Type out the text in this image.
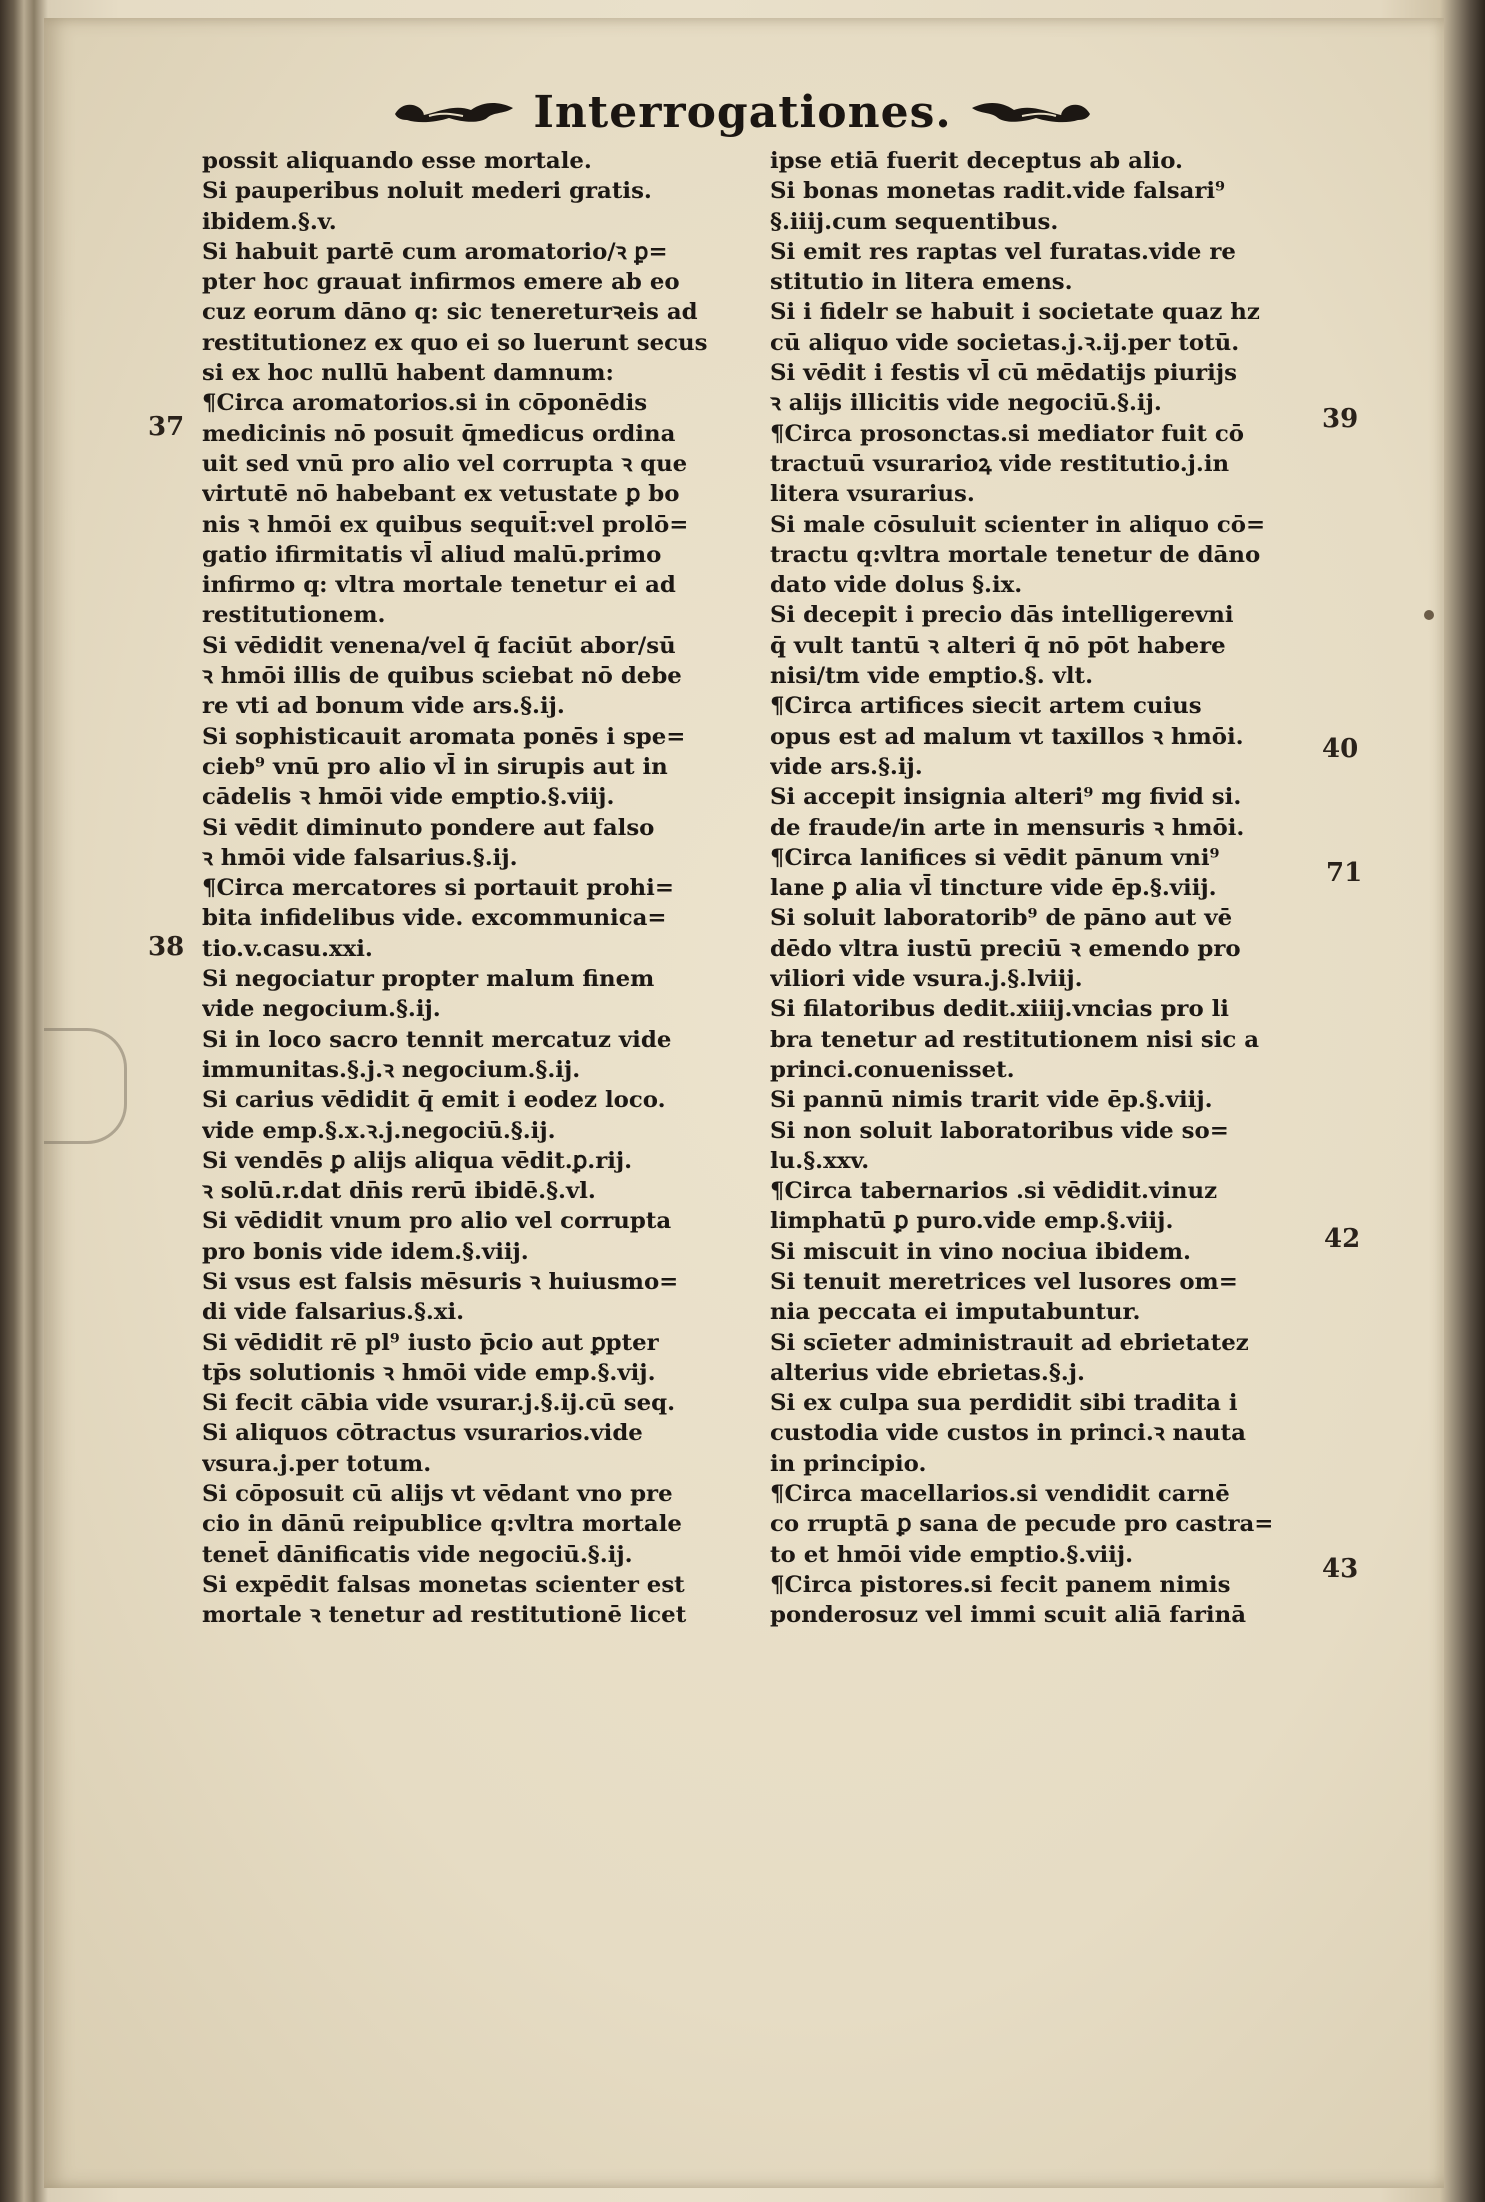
Interrogationes.
possit aliquando esse mortale.
Si pauperibus noluit mederi gratis.
ibidem.§.v.
Si habuit partē cum aromatorio/ꝛ ꝑ=
pter hoc grauat infirmos emere ab eo
cuz eorum dāno q: sic tenereturꝛeis ad
restitutionez ex quo ei so luerunt secus
si ex hoc nullū habent damnum:
¶Circa aromatorios.si in cōponēdis
medicinis nō posuit q̄medicus ordina
uit sed vnū pro alio vel corrupta ꝛ que
virtutē nō habebant ex vetustate ꝑ bo
nis ꝛ hmōi ex quibus sequit̄:vel prolō=
gatio ifirmitatis vl̄ aliud malū.primo
infirmo q: vltra mortale tenetur ei ad
restitutionem.
Si vēdidit venena/vel q̄ faciūt abor/sū
ꝛ hmōi illis de quibus sciebat nō debe
re vti ad bonum vide ars.§.ij.
Si sophisticauit aromata ponēs i spe=
cieb⁹ vnū pro alio vl̄ in sirupis aut in
cādelis ꝛ hmōi vide emptio.§.viij.
Si vēdit diminuto pondere aut falso
ꝛ hmōi vide falsarius.§.ij.
¶Circa mercatores si portauit prohi=
bita infidelibus vide. excommunica=
tio.v.casu.xxi.
Si negociatur propter malum finem
vide negocium.§.ij.
Si in loco sacro tennit mercatuz vide
immunitas.§.j.ꝛ negocium.§.ij.
Si carius vēdidit q̄ emit i eodez loco.
vide emp.§.x.ꝛ.j.negociū.§.ij.
Si vendēs ꝑ alijs aliqua vēdit.ꝑ.rij.
ꝛ solū.r.dat dn̄is rerū ibidē.§.vl.
Si vēdidit vnum pro alio vel corrupta
pro bonis vide idem.§.viij.
Si vsus est falsis mēsuris ꝛ huiusmo=
di vide falsarius.§.xi.
Si vēdidit rē pl⁹ iusto p̄cio aut ꝑpter
tp̄s solutionis ꝛ hmōi vide emp.§.vij.
Si fecit cābia vide vsurar.j.§.ij.cū seq.
Si aliquos cōtractus vsurarios.vide
vsura.j.per totum.
Si cōposuit cū alijs vt vēdant vno pre
cio in dānū reipublice q:vltra mortale
tenet̄ dānificatis vide negociū.§.ij.
Si expēdit falsas monetas scienter est
mortale ꝛ tenetur ad restitutionē licet
ipse etiā fuerit deceptus ab alio.
Si bonas monetas radit.vide falsari⁹
§.iiij.cum sequentibus.
Si emit res raptas vel furatas.vide re
stitutio in litera emens.
Si i fidelr se habuit i societate quaz hz
cū aliquo vide societas.j.ꝛ.ij.per totū.
Si vēdit i festis vl̄ cū mēdatijs piurijs
ꝛ alijs illicitis vide negociū.§.ij.
¶Circa prosonctas.si mediator fuit cō
tractuū vsurarioꝝ vide restitutio.j.in
litera vsurarius.
Si male cōsuluit scienter in aliquo cō=
tractu q:vltra mortale tenetur de dāno
dato vide dolus §.ix.
Si decepit i precio dās intelligerevni
q̄ vult tantū ꝛ alteri q̄ nō pōt habere
nisi/tm vide emptio.§. vlt.
¶Circa artifices siecit artem cuius
opus est ad malum vt taxillos ꝛ hmōi.
vide ars.§.ij.
Si accepit insignia alteri⁹ mg fivid si.
de fraude/in arte in mensuris ꝛ hmōi.
¶Circa lanifices si vēdit pānum vni⁹
lane ꝑ alia vl̄ tincture vide ēp.§.viij.
Si soluit laboratorib⁹ de pāno aut vē
dēdo vltra iustū preciū ꝛ emendo pro
viliori vide vsura.j.§.lviij.
Si filatoribus dedit.xiiij.vncias pro li
bra tenetur ad restitutionem nisi sic a
princi.conuenisset.
Si pannū nimis trarit vide ēp.§.viij.
Si non soluit laboratoribus vide so=
lu.§.xxv.
¶Circa tabernarios .si vēdidit.vinuz
limphatū ꝑ puro.vide emp.§.viij.
Si miscuit in vino nociua ibidem.
Si tenuit meretrices vel lusores om=
nia peccata ei imputabuntur.
Si scīeter administrauit ad ebrietatez
alterius vide ebrietas.§.j.
Si ex culpa sua perdidit sibi tradita i
custodia vide custos in princi.ꝛ nauta
in principio.
¶Circa macellarios.si vendidit carnē
co rruptā ꝑ sana de pecude pro castra=
to et hmōi vide emptio.§.viij.
¶Circa pistores.si fecit panem nimis
ponderosuz vel immi scuit aliā farinā
37
38
39
40
71
42
43
